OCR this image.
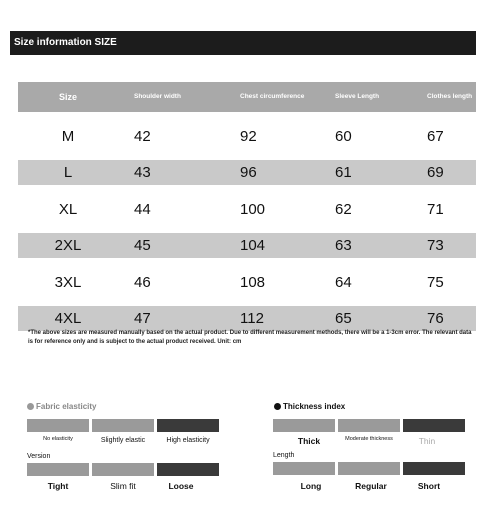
Size information SIZE
Size	Shoulder width	Chest circumference	Sleeve Length	Clothes length
M	42	92	60	67
L	43	96	61	69
XL	44	100	62	71
2XL	45	104	63	73
3XL	46	108	64	75
4XL	47	112	65	76
*The above sizes are measured manually based on the actual product. Due to different measurement methods, there will be a 1-3cm error. The relevant data is for reference only and is subject to the actual product received. Unit: cm
Fabric elasticity
No elasticity	Slightly elastic	High elasticity
Version
Tight	Slim fit	Loose
Thickness index
Thick	Moderate thickness	Thin
Length
Long	Regular	Short
